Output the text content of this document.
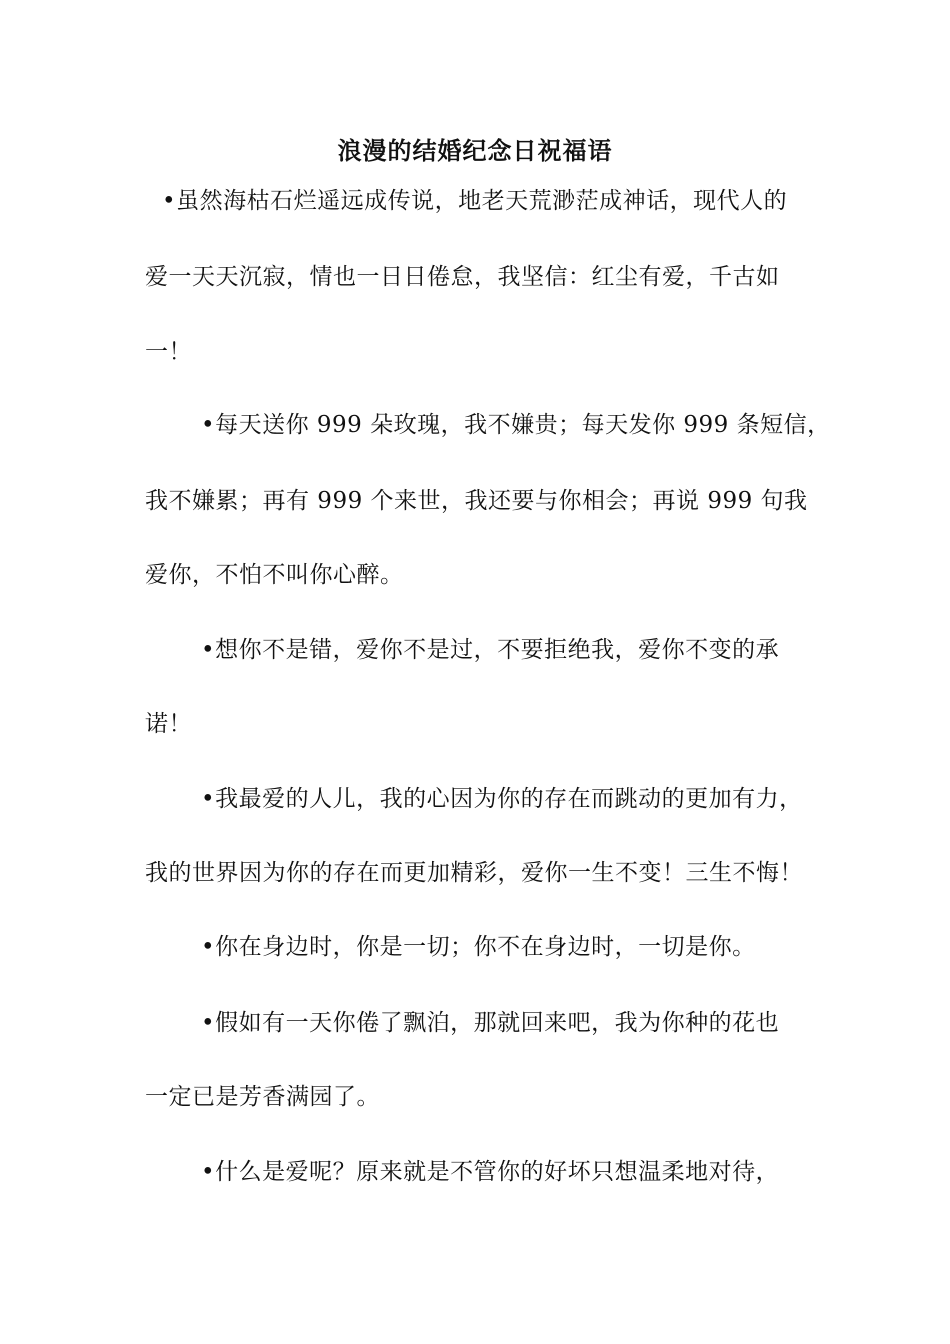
浪漫的结婚纪念日祝福语
•虽然海枯石烂遥远成传说，地老天荒渺茫成神话，现代人的
爱一天天沉寂，情也一日日倦怠，我坚信：红尘有爱，千古如
一！
•每天送你 999 朵玫瑰，我不嫌贵；每天发你 999 条短信，
我不嫌累；再有 999 个来世，我还要与你相会；再说 999 句我
爱你，不怕不叫你心醉。
•想你不是错，爱你不是过，不要拒绝我，爱你不变的承
诺！
•我最爱的人儿，我的心因为你的存在而跳动的更加有力，
我的世界因为你的存在而更加精彩，爱你一生不变！三生不悔！
•你在身边时，你是一切；你不在身边时，一切是你。
•假如有一天你倦了飘泊，那就回来吧，我为你种的花也
一定已是芳香满园了。
•什么是爱呢？原来就是不管你的好坏只想温柔地对待，
